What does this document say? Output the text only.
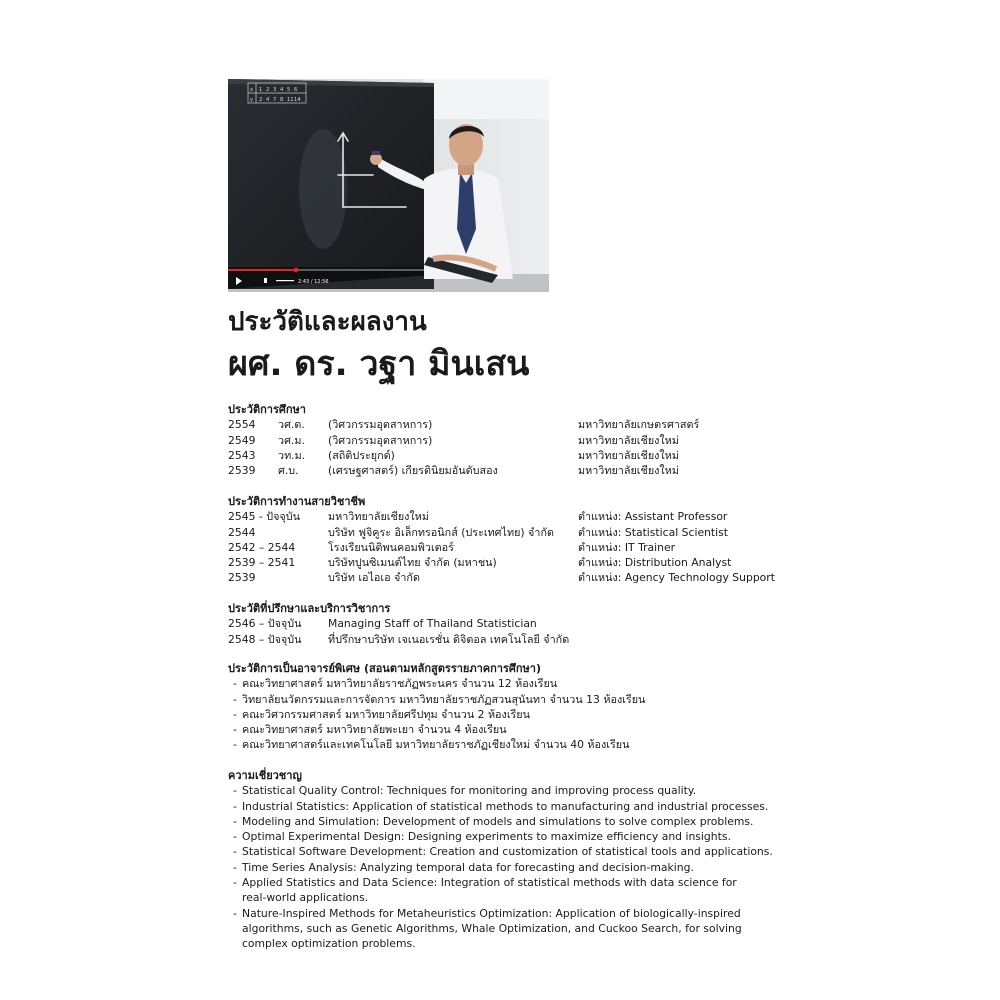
x 1 2 3 4 5 6
y 2 4 7 8 11 14
2:43 / 12:56
ประวัติและผลงาน
ผศ. ดร. วฐา มินเสน
ประวัติการศึกษา
2554 วศ.ด. (วิศวกรรมอุตสาหการ)	มหาวิทยาลัยเกษตรศาสตร์
2549 วศ.ม. (วิศวกรรมอุตสาหการ)	มหาวิทยาลัยเชียงใหม่
2543 วท.ม. (สถิติประยุกต์)	มหาวิทยาลัยเชียงใหม่
2539 ศ.บ.	(เศรษฐศาสตร์) เกียรตินิยมอันดับสอง	มหาวิทยาลัยเชียงใหม่
ประวัติการทำงานสายวิชาชีพ
2545 - ปัจจุบัน	มหาวิทยาลัยเชียงใหม่	ตำแหน่ง: Assistant Professor
2544	บริษัท ฟูจิคูระ อิเล็กทรอนิกส์ (ประเทศไทย) จำกัด ตำแหน่ง: Statistical Scientist
2542 – 2544	โรงเรียนนิติพนคอมพิวเตอร์	ตำแหน่ง: IT Trainer
2539 – 2541	บริษัทปูนซิเมนต์ไทย จำกัด (มหาชน)	ตำแหน่ง: Distribution Analyst
2539	บริษัท เอไอเอ จำกัด	ตำแหน่ง: Agency Technology Support
ประวัติที่ปรึกษาและบริการวิชาการ
2546 – ปัจจุบัน Managing Staff of Thailand Statistician
2548 – ปัจจุบัน ที่ปรึกษาบริษัท เจเนอเรชั่น ดิจิตอล เทคโนโลยี จำกัด
ประวัติการเป็นอาจารย์พิเศษ (สอนตามหลักสูตรรายภาคการศึกษา)
- คณะวิทยาศาสตร์ มหาวิทยาลัยราชภัฏพระนคร จำนวน 12 ห้องเรียน
- วิทยาลัยนวัตกรรมและการจัดการ มหาวิทยาลัยราชภัฏสวนสุนันทา จำนวน 13 ห้องเรียน
- คณะวิศวกรรมศาสตร์ มหาวิทยาลัยศรีปทุม จำนวน 2 ห้องเรียน
- คณะวิทยาศาสตร์ มหาวิทยาลัยพะเยา จำนวน 4 ห้องเรียน
- คณะวิทยาศาสตร์และเทคโนโลยี มหาวิทยาลัยราชภัฏเชียงใหม่ จำนวน 40 ห้องเรียน
ความเชี่ยวชาญ
- Statistical Quality Control: Techniques for monitoring and improving process quality.
- Industrial Statistics: Application of statistical methods to manufacturing and industrial processes.
- Modeling and Simulation: Development of models and simulations to solve complex problems.
- Optimal Experimental Design: Designing experiments to maximize efficiency and insights.
- Statistical Software Development: Creation and customization of statistical tools and applications.
- Time Series Analysis: Analyzing temporal data for forecasting and decision-making.
- Applied Statistics and Data Science: Integration of statistical methods with data science for
real-world applications.
- Nature-Inspired Methods for Metaheuristics Optimization: Application of biologically-inspired
algorithms, such as Genetic Algorithms, Whale Optimization, and Cuckoo Search, for solving
complex optimization problems.
